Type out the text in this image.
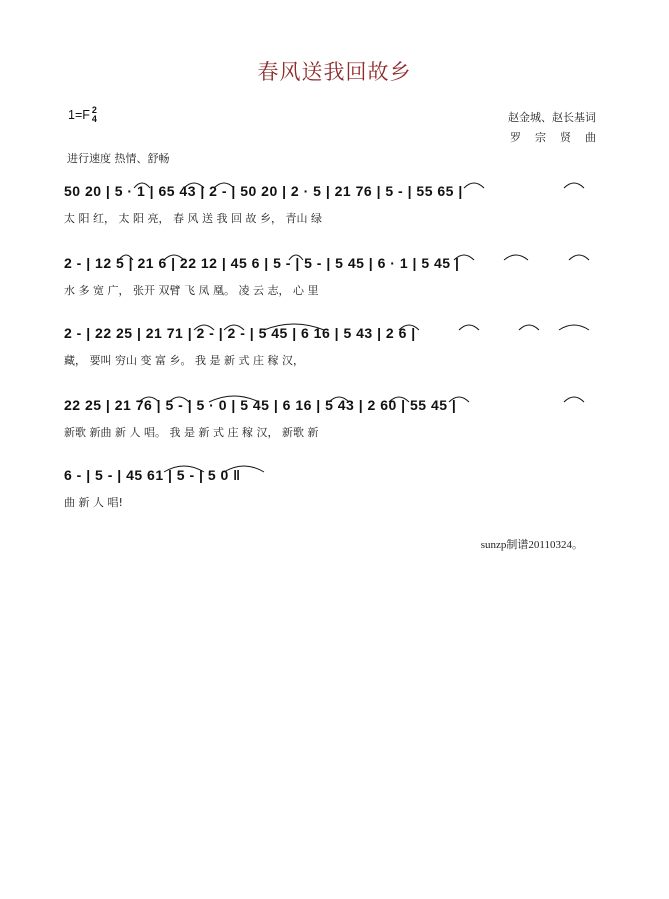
春风送我回故乡
1=F 2
4	赵金城、赵长基词
罗宗贤曲
进行速度 热情、舒畅
50 20 | 5 · 1 | 65 43 | 2 - | 50 20 | 2 · 5 | 21 76 | 5 - | 55 65 |
太 阳 红， 太 阳 亮， 春 风 送 我 回 故 乡， 青山 绿
2 - | 12 5 | 21 6 | 22 12 | 45 6 | 5 - | 5 - | 5 45 | 6 · 1 | 5 45 |
水 多 宽 广， 张开 双臂 飞 凤 凰。 凌 云 志， 心 里
2 - | 22 25 | 21 71 | 2 - | 2 - | 5 45 | 6 16 | 5 43 | 2 6 |
藏， 要叫 穷山 变 富 乡。 我 是 新 式 庄 稼 汉，
22 25 | 21 76 | 5 - | 5 · 0 | 5 45 | 6 16 | 5 43 | 2 60 | 55 45 |
新歌 新曲 新 人 唱。 我 是 新 式 庄 稼 汉， 新歌 新
6 - | 5 - | 45 61 | 5 - | 5 0 ‖
曲 新 人 唱!
sunzp制谱20110324。
